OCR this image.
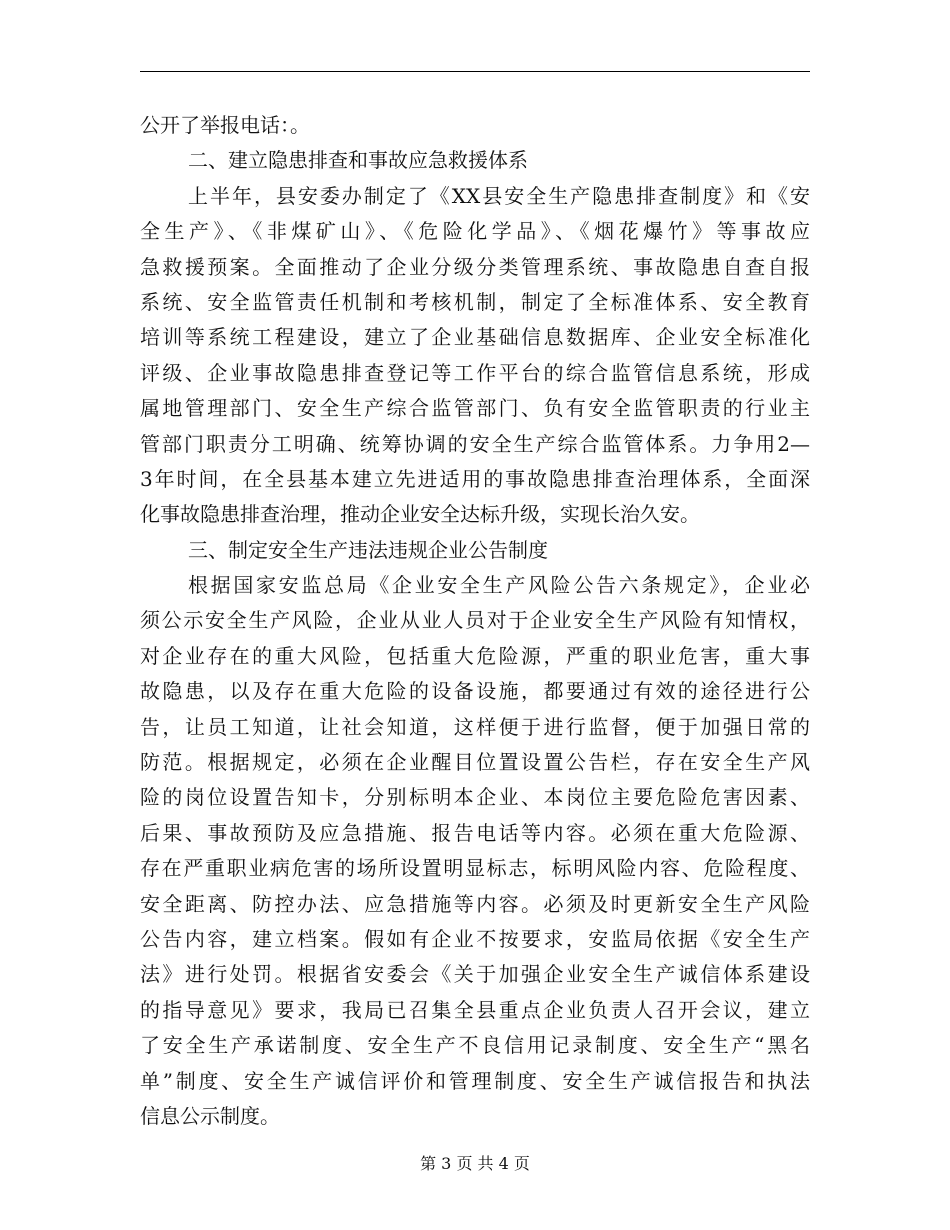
公开了举报电话：。
二、建立隐患排查和事故应急救援体系
上半年，县安委办制定了《XX县安全生产隐患排查制度》和《安
全生产》、《非煤矿山》、《危险化学品》、《烟花爆竹》等事故应
急救援预案。全面推动了企业分级分类管理系统、事故隐患自查自报
系统、安全监管责任机制和考核机制，制定了全标准体系、安全教育
培训等系统工程建设，建立了企业基础信息数据库、企业安全标准化
评级、企业事故隐患排查登记等工作平台的综合监管信息系统，形成
属地管理部门、安全生产综合监管部门、负有安全监管职责的行业主
管部门职责分工明确、统筹协调的安全生产综合监管体系。力争用2—
3年时间，在全县基本建立先进适用的事故隐患排查治理体系，全面深
化事故隐患排查治理，推动企业安全达标升级，实现长治久安。
三、制定安全生产违法违规企业公告制度
根据国家安监总局《企业安全生产风险公告六条规定》，企业必
须公示安全生产风险，企业从业人员对于企业安全生产风险有知情权，
对企业存在的重大风险，包括重大危险源，严重的职业危害，重大事
故隐患，以及存在重大危险的设备设施，都要通过有效的途径进行公
告，让员工知道，让社会知道，这样便于进行监督，便于加强日常的
防范。根据规定，必须在企业醒目位置设置公告栏，存在安全生产风
险的岗位设置告知卡，分别标明本企业、本岗位主要危险危害因素、
后果、事故预防及应急措施、报告电话等内容。必须在重大危险源、
存在严重职业病危害的场所设置明显标志，标明风险内容、危险程度、
安全距离、防控办法、应急措施等内容。必须及时更新安全生产风险
公告内容，建立档案。假如有企业不按要求，安监局依据《安全生产
法》进行处罚。根据省安委会《关于加强企业安全生产诚信体系建设
的指导意见》要求，我局已召集全县重点企业负责人召开会议，建立
了安全生产承诺制度、安全生产不良信用记录制度、安全生产“黑名
单”制度、安全生产诚信评价和管理制度、安全生产诚信报告和执法
信息公示制度。
第 3 页 共 4 页
